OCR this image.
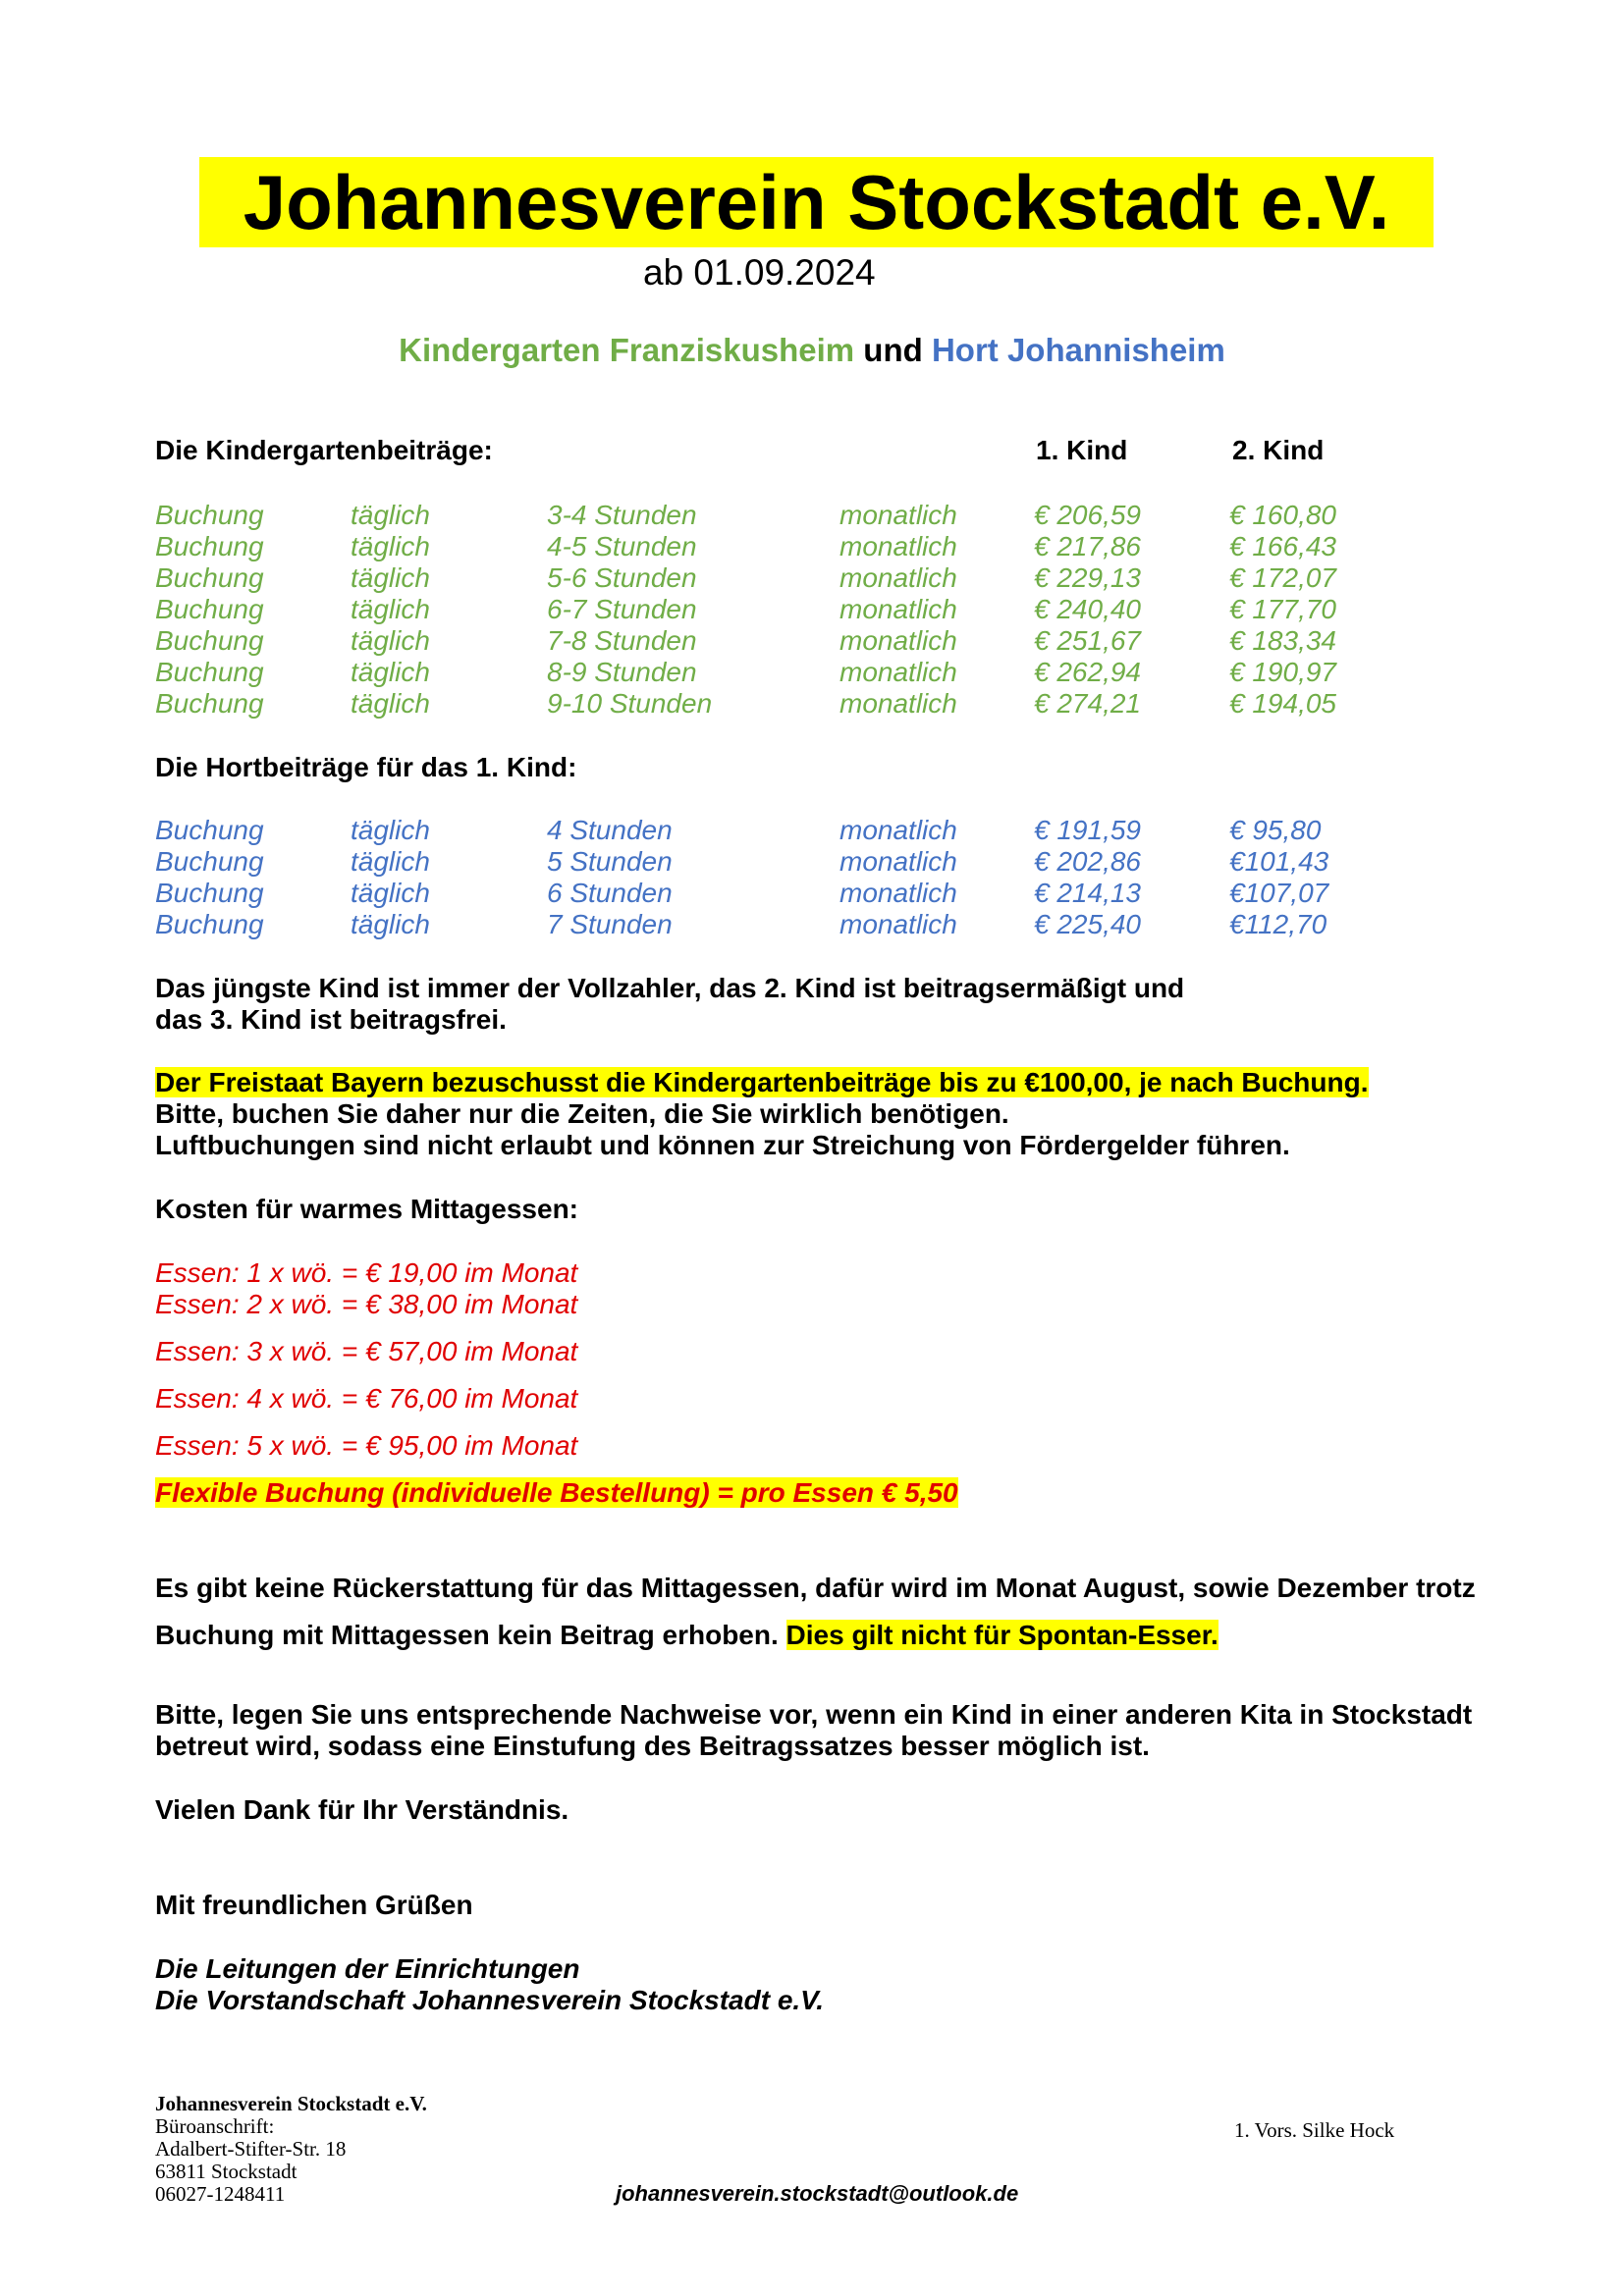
Johannesverein Stockstadt e.V.
ab 01.09.2024
Kindergarten Franziskusheim und Hort Johannisheim
Die Kindergartenbeiträge:	1. Kind	2. Kind
Buchung	täglich	3-4 Stunden	monatlich	€ 206,59	€ 160,80
Buchung	täglich	4-5 Stunden	monatlich	€ 217,86	€ 166,43
Buchung	täglich	5-6 Stunden	monatlich	€ 229,13	€ 172,07
Buchung	täglich	6-7 Stunden	monatlich	€ 240,40	€ 177,70
Buchung	täglich	7-8 Stunden	monatlich	€ 251,67	€ 183,34
Buchung	täglich	8-9 Stunden	monatlich	€ 262,94	€ 190,97
Buchung	täglich	9-10 Stunden	monatlich	€ 274,21	€ 194,05
Die Hortbeiträge für das 1. Kind:
Buchung	täglich	4 Stunden	monatlich	€ 191,59	€ 95,80
Buchung	täglich	5 Stunden	monatlich	€ 202,86	€101,43
Buchung	täglich	6 Stunden	monatlich	€ 214,13	€107,07
Buchung	täglich	7 Stunden	monatlich	€ 225,40	€112,70
Das jüngste Kind ist immer der Vollzahler, das 2. Kind ist beitragsermäßigt und
das 3. Kind ist beitragsfrei.
Der Freistaat Bayern bezuschusst die Kindergartenbeiträge bis zu €100,00, je nach Buchung.
Bitte, buchen Sie daher nur die Zeiten, die Sie wirklich benötigen.
Luftbuchungen sind nicht erlaubt und können zur Streichung von Fördergelder führen.
Kosten für warmes Mittagessen:
Essen: 1 x wö. = € 19,00 im Monat
Essen: 2 x wö. = € 38,00 im Monat
Essen: 3 x wö. = € 57,00 im Monat
Essen: 4 x wö. = € 76,00 im Monat
Essen: 5 x wö. = € 95,00 im Monat
Flexible Buchung (individuelle Bestellung) = pro Essen € 5,50
Es gibt keine Rückerstattung für das Mittagessen, dafür wird im Monat August, sowie Dezember trotz
Buchung mit Mittagessen kein Beitrag erhoben. Dies gilt nicht für Spontan-Esser.
Bitte, legen Sie uns entsprechende Nachweise vor, wenn ein Kind in einer anderen Kita in Stockstadt
betreut wird, sodass eine Einstufung des Beitragssatzes besser möglich ist.
Vielen Dank für Ihr Verständnis.
Mit freundlichen Grüßen
Die Leitungen der Einrichtungen
Die Vorstandschaft Johannesverein Stockstadt e.V.
Johannesverein Stockstadt e.V.
Büroanschrift:
Adalbert-Stifter-Str. 18
63811 Stockstadt
06027-1248411	johannesverein.stockstadt@outlook.de
1. Vors. Silke Hock
